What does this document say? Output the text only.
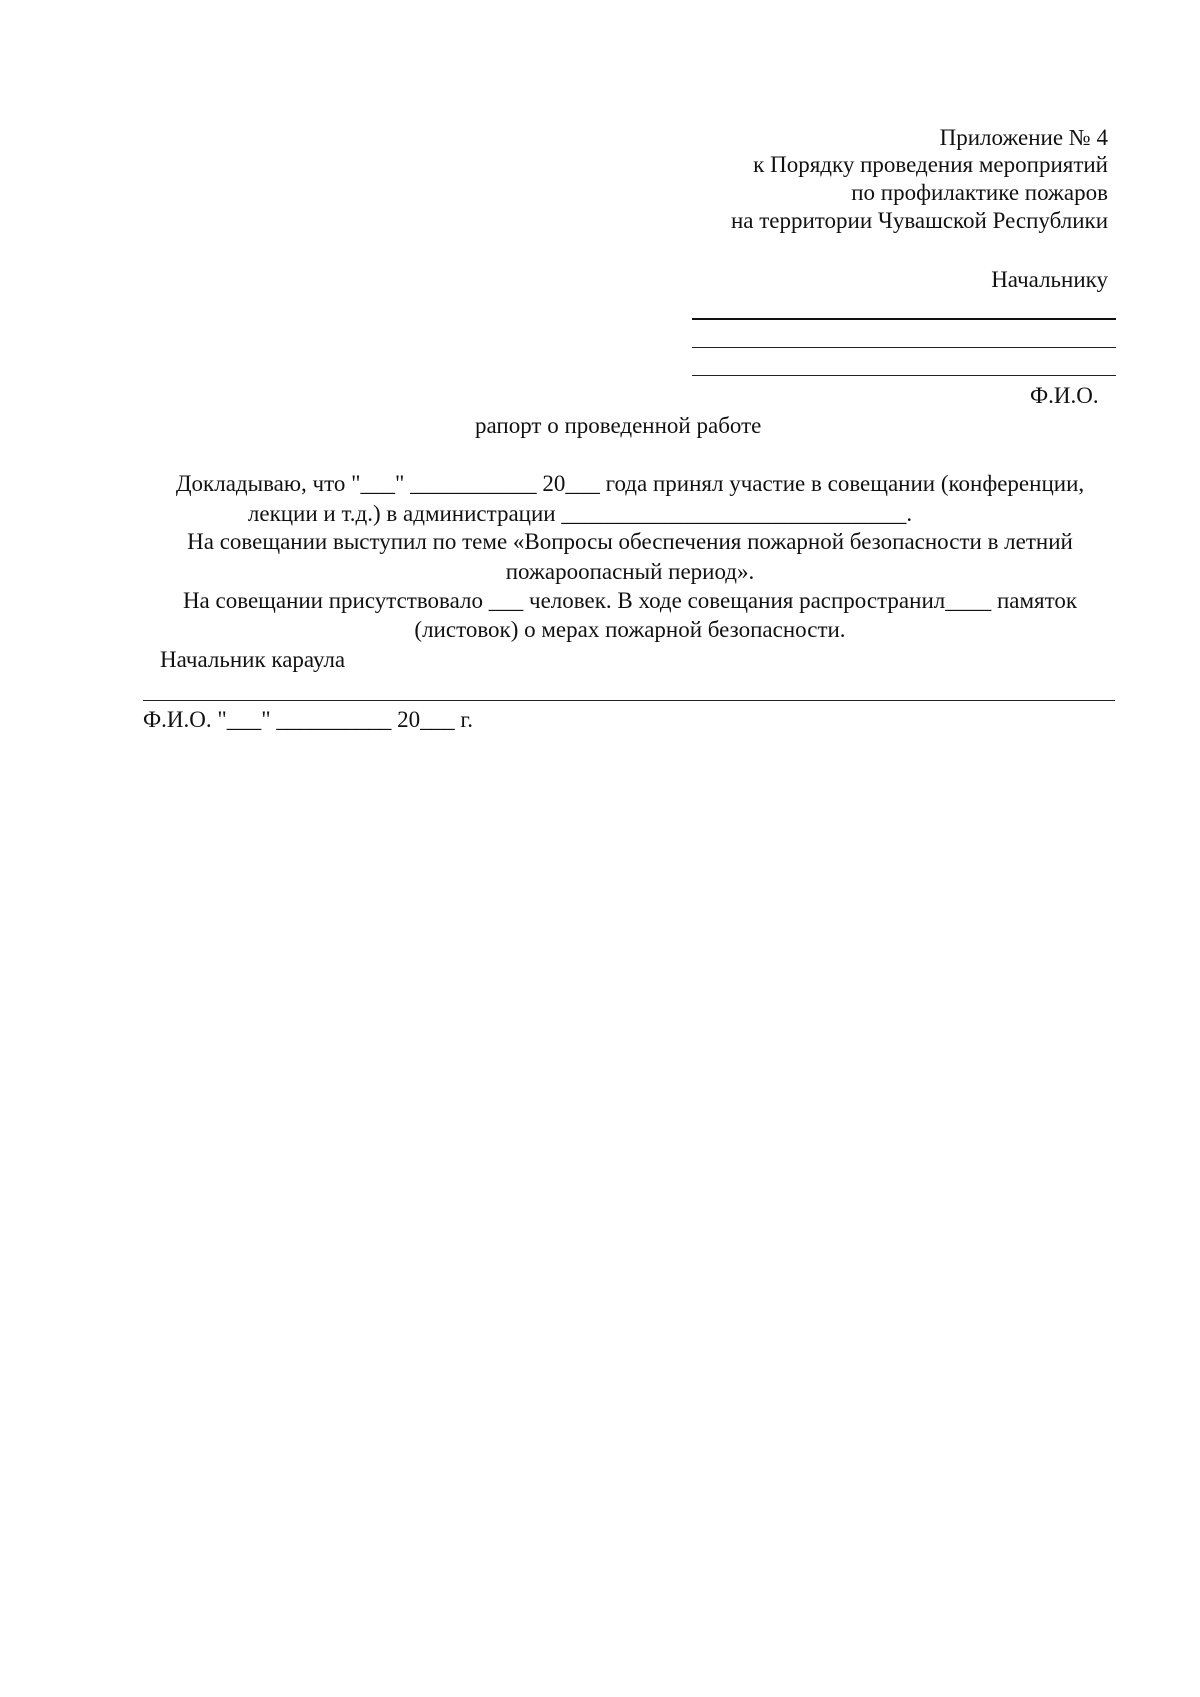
Приложение № 4
к Порядку проведения мероприятий
по профилактике пожаров
на территории Чувашской Республики
Начальнику
Ф.И.О.
рапорт о проведенной работе
Докладываю, что "___" ___________ 20___ года принял участие в совещании (конференции,
лекции и т.д.) в администрации ______________________________.
На совещании выступил по теме «Вопросы обеспечения пожарной безопасности в летний
пожароопасный период».
На совещании присутствовало ___ человек. В ходе совещания распространил____ памяток
(листовок) о мерах пожарной безопасности.
Начальник караула
Ф.И.О. "___" __________ 20___ г.
